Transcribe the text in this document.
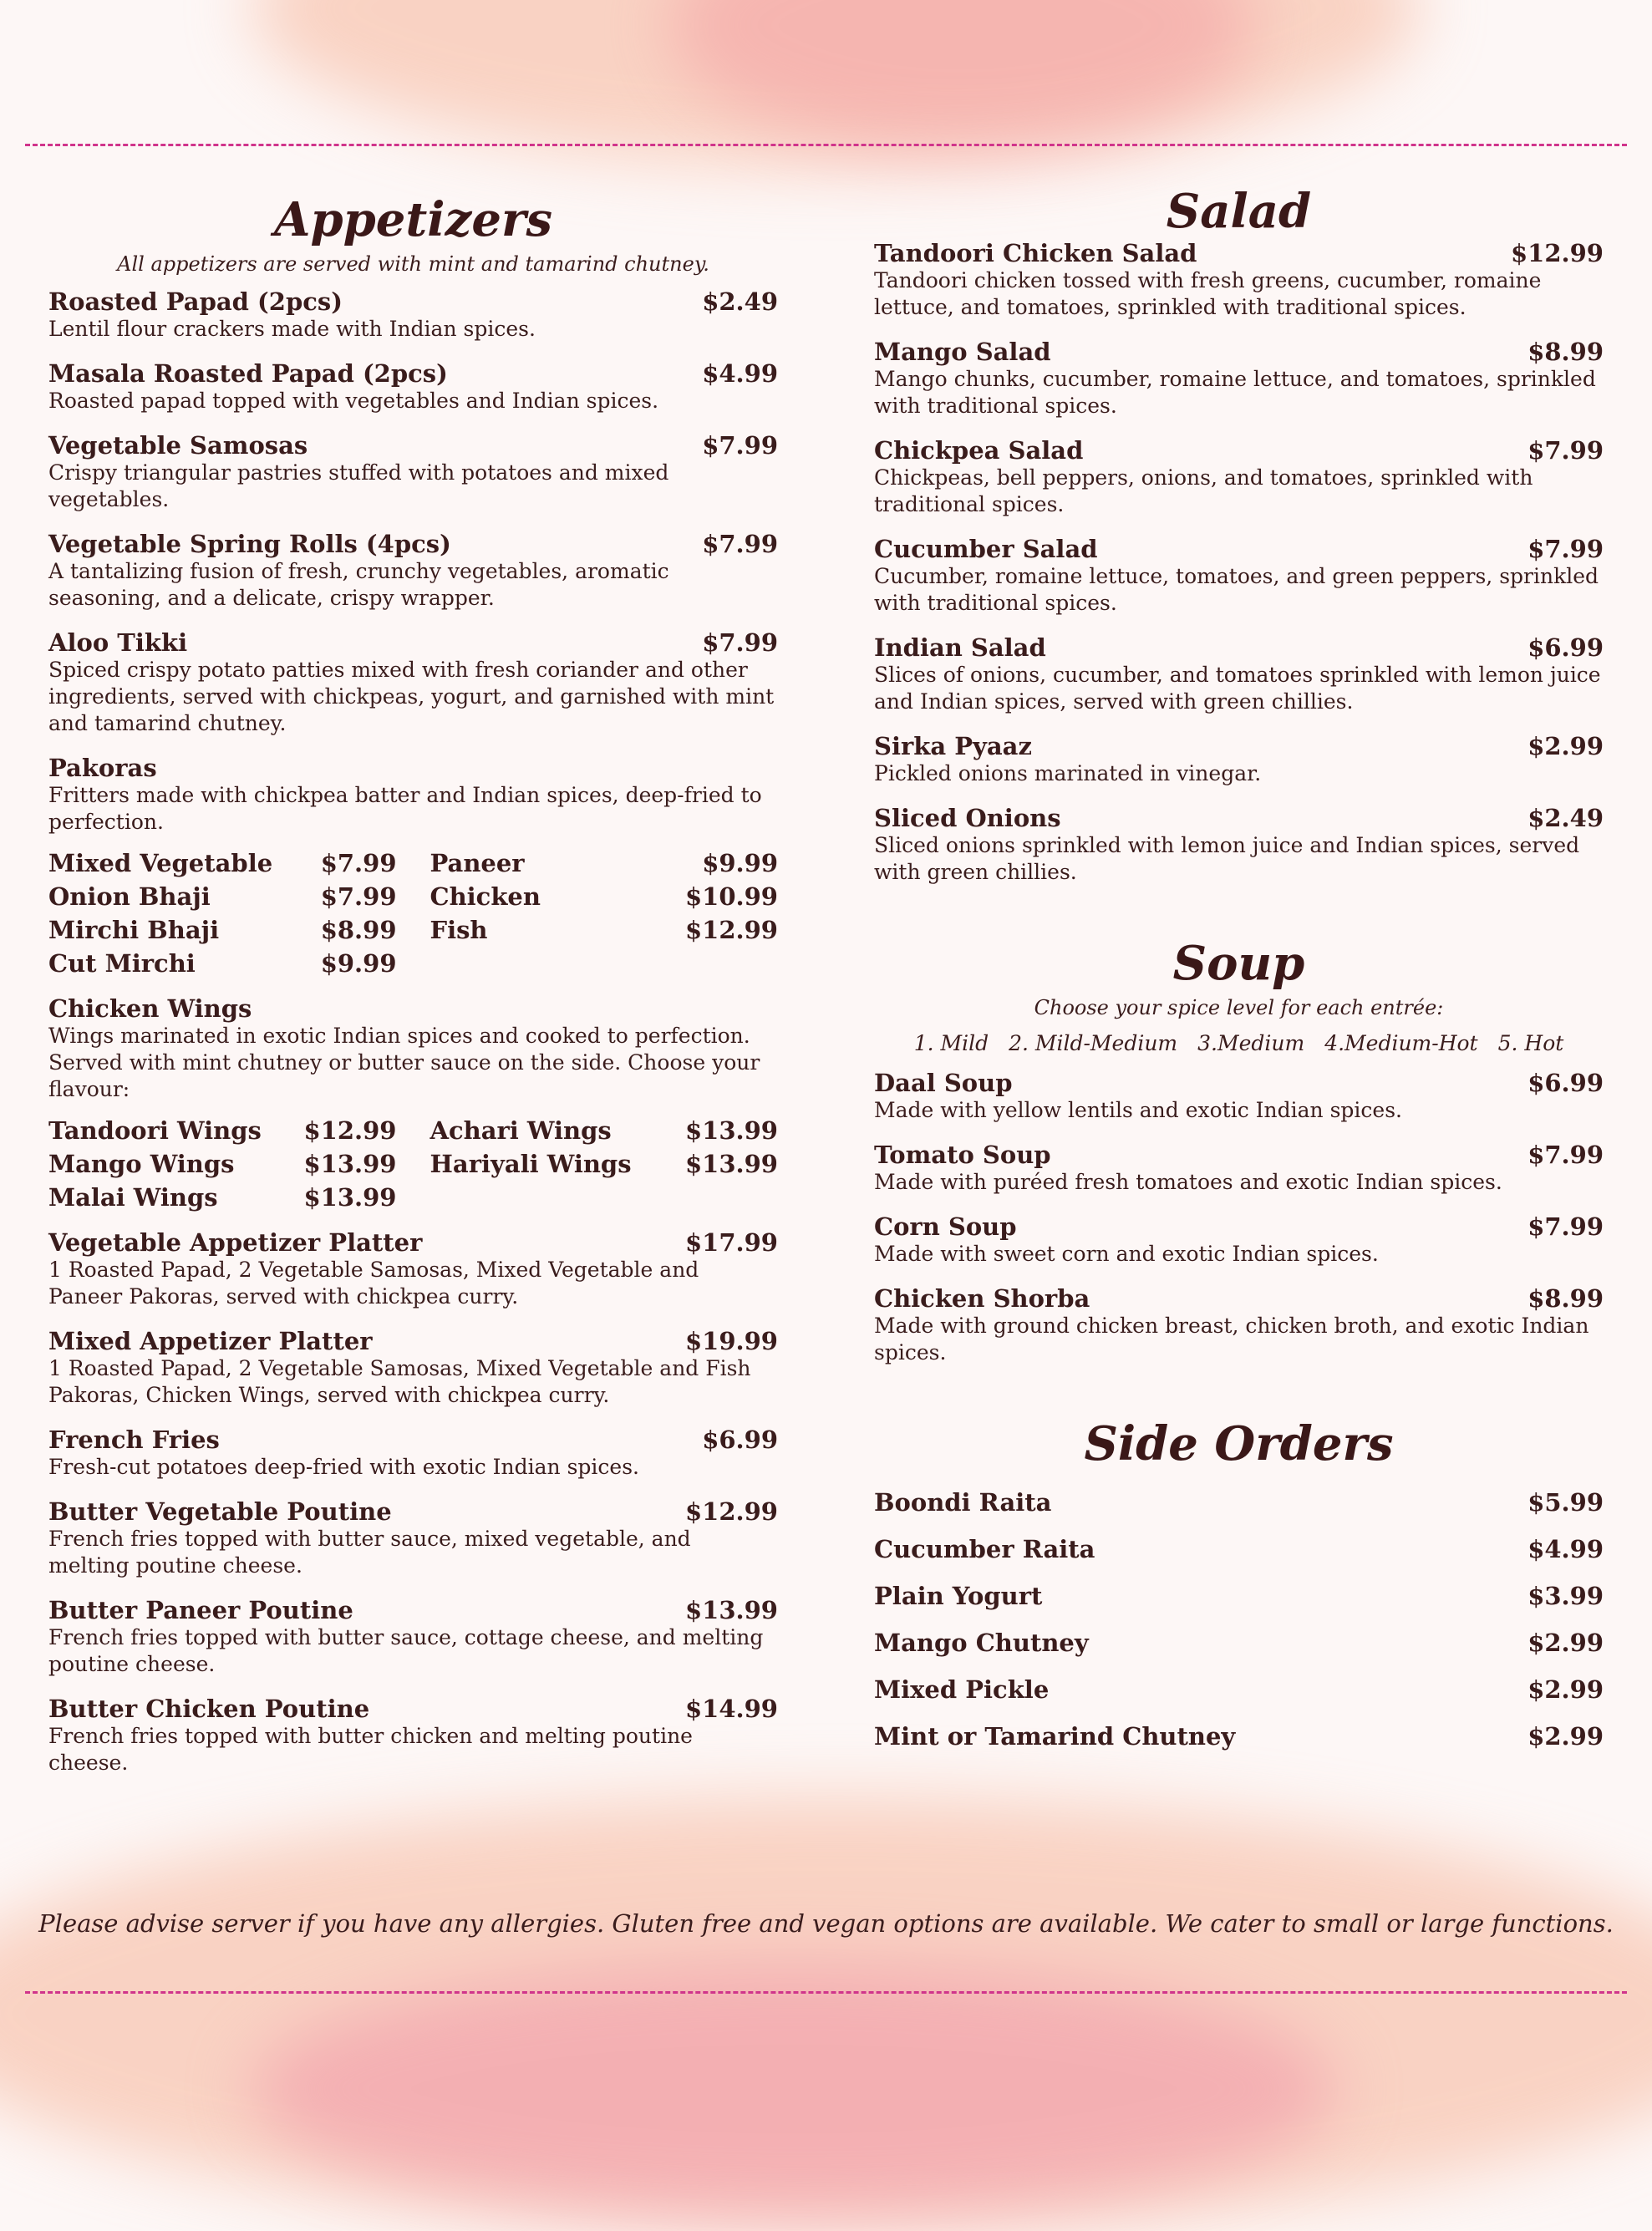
Appetizers
All appetizers are served with mint and tamarind chutney.
Roasted Papad (2pcs)	$2.49
Lentil flour crackers made with Indian spices.
Masala Roasted Papad (2pcs)	$4.99
Roasted papad topped with vegetables and Indian spices.
Vegetable Samosas	$7.99
Crispy triangular pastries stuffed with potatoes and mixed vegetables.
Vegetable Spring Rolls (4pcs)	$7.99
A tantalizing fusion of fresh, crunchy vegetables, aromatic seasoning, and a delicate, crispy wrapper.
Aloo Tikki	$7.99
Spiced crispy potato patties mixed with fresh coriander and other ingredients, served with chickpeas, yogurt, and garnished with mint and tamarind chutney.
Pakoras
Fritters made with chickpea batter and Indian spices, deep-fried to perfection.
Mixed Vegetable $7.99 Paneer	$9.99
Onion Bhaji	$7.99 Chicken	$10.99
Mirchi Bhaji	$8.99 Fish	$12.99
Cut Mirchi	$9.99
Chicken Wings
Wings marinated in exotic Indian spices and cooked to perfection. Served with mint chutney or butter sauce on the side. Choose your flavour:
Tandoori Wings $12.99 Achari Wings	$13.99
Mango Wings	$13.99 Hariyali Wings $13.99
Malai Wings	$13.99
Vegetable Appetizer Platter	$17.99
1 Roasted Papad, 2 Vegetable Samosas, Mixed Vegetable and Paneer Pakoras, served with chickpea curry.
Mixed Appetizer Platter	$19.99
1 Roasted Papad, 2 Vegetable Samosas, Mixed Vegetable and Fish Pakoras, Chicken Wings, served with chickpea curry.
French Fries	$6.99
Fresh-cut potatoes deep-fried with exotic Indian spices.
Butter Vegetable Poutine	$12.99
French fries topped with butter sauce, mixed vegetable, and melting poutine cheese.
Butter Paneer Poutine	$13.99
French fries topped with butter sauce, cottage cheese, and melting poutine cheese.
Butter Chicken Poutine	$14.99
French fries topped with butter chicken and melting poutine cheese.
Salad
Tandoori Chicken Salad	$12.99
Tandoori chicken tossed with fresh greens, cucumber, romaine lettuce, and tomatoes, sprinkled with traditional spices.
Mango Salad	$8.99
Mango chunks, cucumber, romaine lettuce, and tomatoes, sprinkled with traditional spices.
Chickpea Salad	$7.99
Chickpeas, bell peppers, onions, and tomatoes, sprinkled with traditional spices.
Cucumber Salad	$7.99
Cucumber, romaine lettuce, tomatoes, and green peppers, sprinkled with traditional spices.
Indian Salad	$6.99
Slices of onions, cucumber, and tomatoes sprinkled with lemon juice and Indian spices, served with green chillies.
Sirka Pyaaz	$2.99
Pickled onions marinated in vinegar.
Sliced Onions	$2.49
Sliced onions sprinkled with lemon juice and Indian spices, served with green chillies.
Soup
Choose your spice level for each entrée:
1. Mild 2. Mild-Medium 3.Medium 4.Medium-Hot 5. Hot
Daal Soup	$6.99
Made with yellow lentils and exotic Indian spices.
Tomato Soup	$7.99
Made with puréed fresh tomatoes and exotic Indian spices.
Corn Soup	$7.99
Made with sweet corn and exotic Indian spices.
Chicken Shorba	$8.99
Made with ground chicken breast, chicken broth, and exotic Indian spices.
Side Orders
Boondi Raita	$5.99
Cucumber Raita	$4.99
Plain Yogurt	$3.99
Mango Chutney	$2.99
Mixed Pickle	$2.99
Mint or Tamarind Chutney	$2.99
Please advise server if you have any allergies. Gluten free and vegan options are available. We cater to small or large functions.
